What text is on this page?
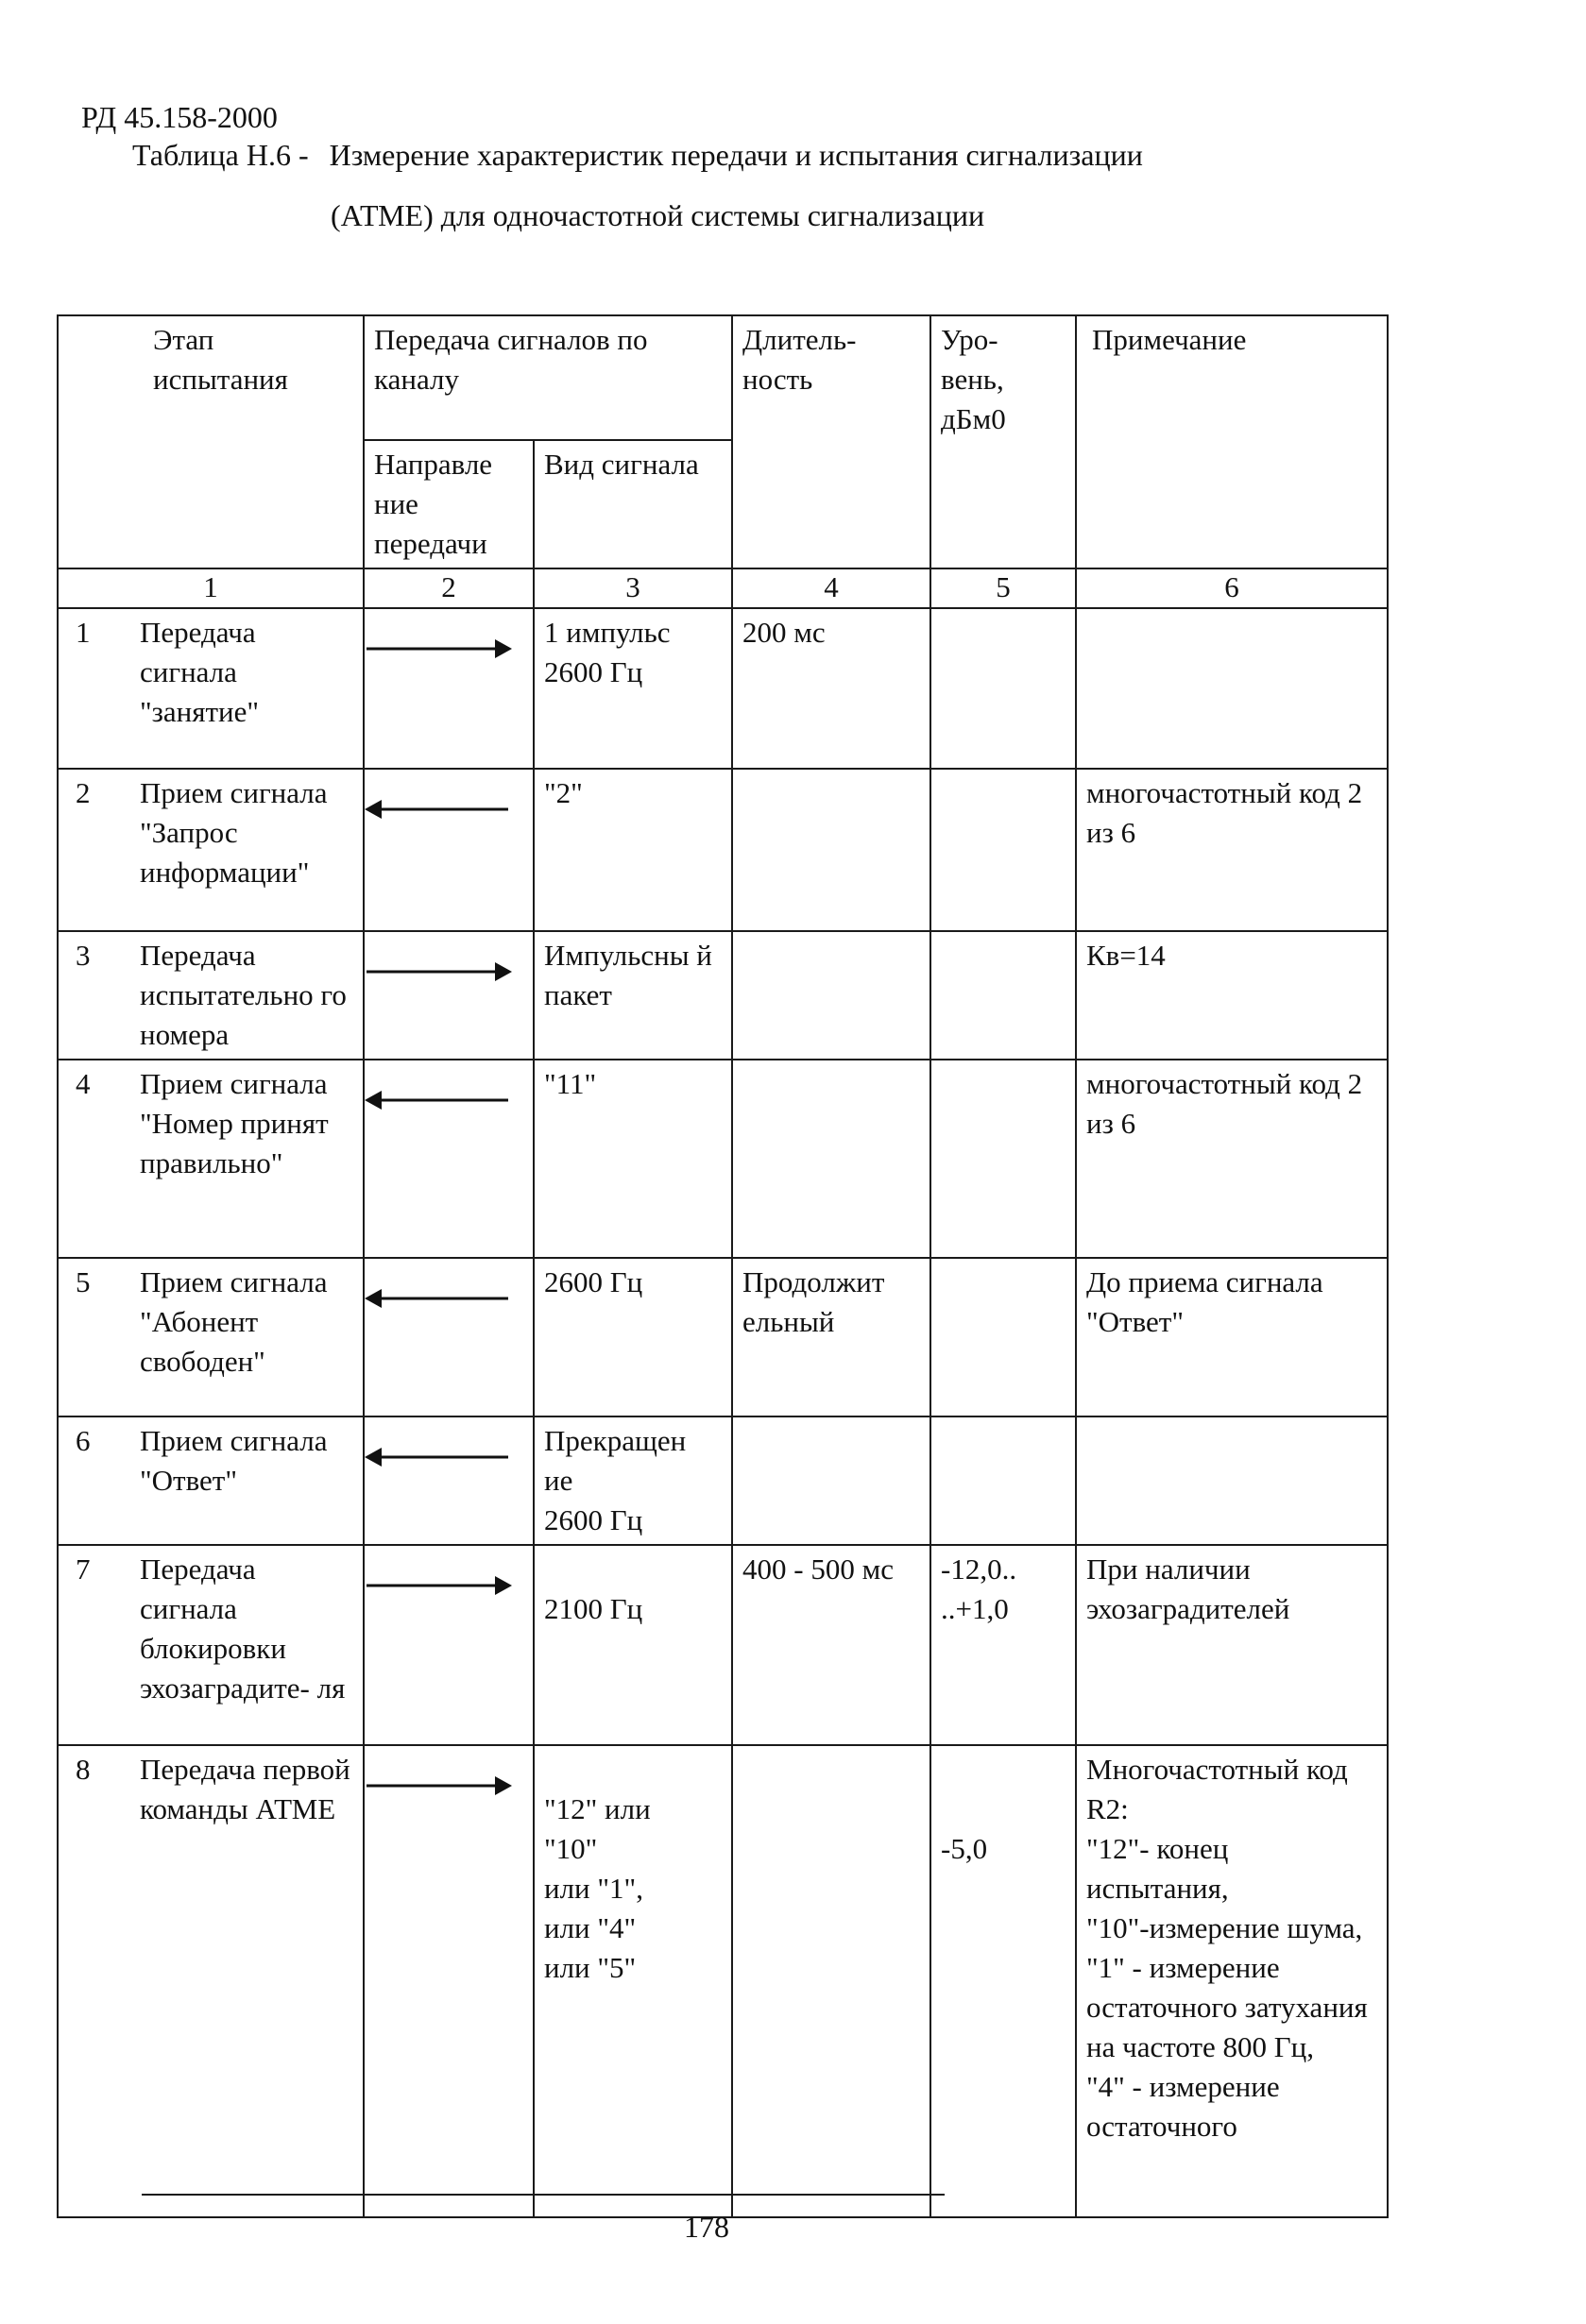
РД 45.158-2000
Таблица Н.6 - Измерение характеристик передачи и испытания сигнализации
(АТМЕ) для одночастотной системы сигнализации
Этап испытания	Передача сигналов по каналу		Длитель- ность	Уро- вень, дБм0	Примечание
	Направле ние передачи	Вид сигнала			
1	2	3	4	5	6
1 Передача сигнала "занятие"		1 импульс
2600 Гц	200 мс		
2 Прием сигнала "Запрос информации"		"2"			многочастотный код 2 из 6
3 Передача испытательно го номера		Импульсны й пакет			Кв=14
4 Прием сигнала "Номер принят правильно"		"11"			многочастотный код 2 из 6
5 Прием сигнала "Абонент свободен"		2600 Гц	Продолжит ельный		До приема сигнала "Ответ"
6 Прием сигнала "Ответ"		Прекращен ие
2600 Гц			
7 Передача сигнала блокировки эхозаградите- ля		
2100 Гц	400 - 500 мс	-12,0..
..+1,0	При наличии эхозаградителей
8 Передача первой команды АТМЕ		
"12" или
"10"
или "1",
или "4"
или "5"		

-5,0	Многочастотный код R2:
"12"- конец испытания,
"10"-измерение шума,
"1" - измерение остаточного затухания на частоте 800 Гц,
"4" - измерение остаточного
178
